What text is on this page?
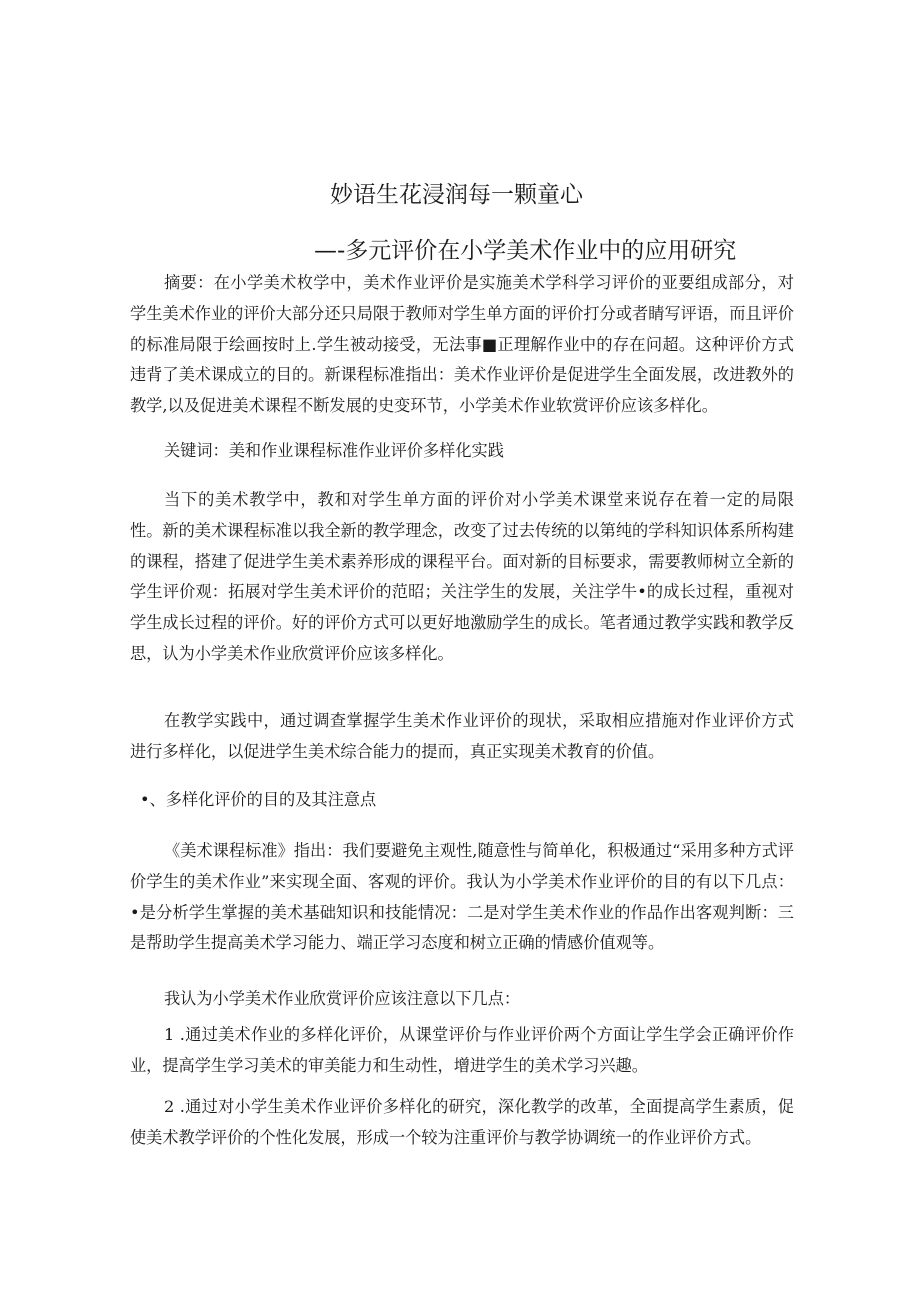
妙语生花浸润每一颗童心
—-多元评价在小学美术作业中的应用研究

摘要：在小学美术枚学中，美术作业评价是实施美术学科学习评价的亚要组成部分，对学生美术作业的评价大部分还只局限于教师对学生单方面的评价打分或者睛写评语，而且评价的标准局限于绘画按时上.学生被动接受，无法事■正理解作业中的存在问超。这种评价方式违背了美术课成立的目的。新课程标准指出：美术作业评价是促进学生全面发展，改进教外的教学,以及促进美术课程不断发展的史变环节，小学美术作业软赏评价应该多样化。

关键词：美和作业课程标准作业评价多样化实践

当下的美术教学中，教和对学生单方面的评价对小学美术课堂来说存在着一定的局限性。新的美术课程标准以我全新的教学理念，改变了过去传统的以第纯的学科知识体系所构建的课程，搭建了促进学生美术素养形成的课程平台。面对新的目标要求，需要教师树立全新的学生评价观：拓展对学生美术评价的范昭；关注学生的发展，关注学牛•的成长过程，重视对学生成长过程的评价。好的评价方式可以更好地激励学生的成长。笔者通过教学实践和教学反思，认为小学美术作业欣赏评价应该多样化。

在教学实践中，通过调查掌握学生美术作业评价的现状，采取相应措施对作业评价方式进行多样化，以促进学生美术综合能力的提而，真正实现美术教育的价值。

•、多样化评价的目的及其注意点

《美术课程标准》指出：我们要避免主观性,随意性与简单化，积极通过“采用多种方式评价学生的美术作业”来实现全面、客观的评价。我认为小学美术作业评价的目的有以下几点：•是分析学生掌握的美术基础知识和技能情况：二是对学生美术作业的作品作出客观判断：三是帮助学生提高美术学习能力、端正学习态度和树立正确的情感价值观等。

我认为小学美术作业欣赏评价应该注意以下几点：

1 .通过美术作业的多样化评价，从课堂评价与作业评价两个方面让学生学会正确评价作业，提高学生学习美术的审美能力和生动性，增进学生的美术学习兴趣。

2 .通过对小学生美术作业评价多样化的研究，深化教学的改革，全面提高学生素质，促使美术教学评价的个性化发展，形成一个较为注重评价与教学协调统一的作业评价方式。
